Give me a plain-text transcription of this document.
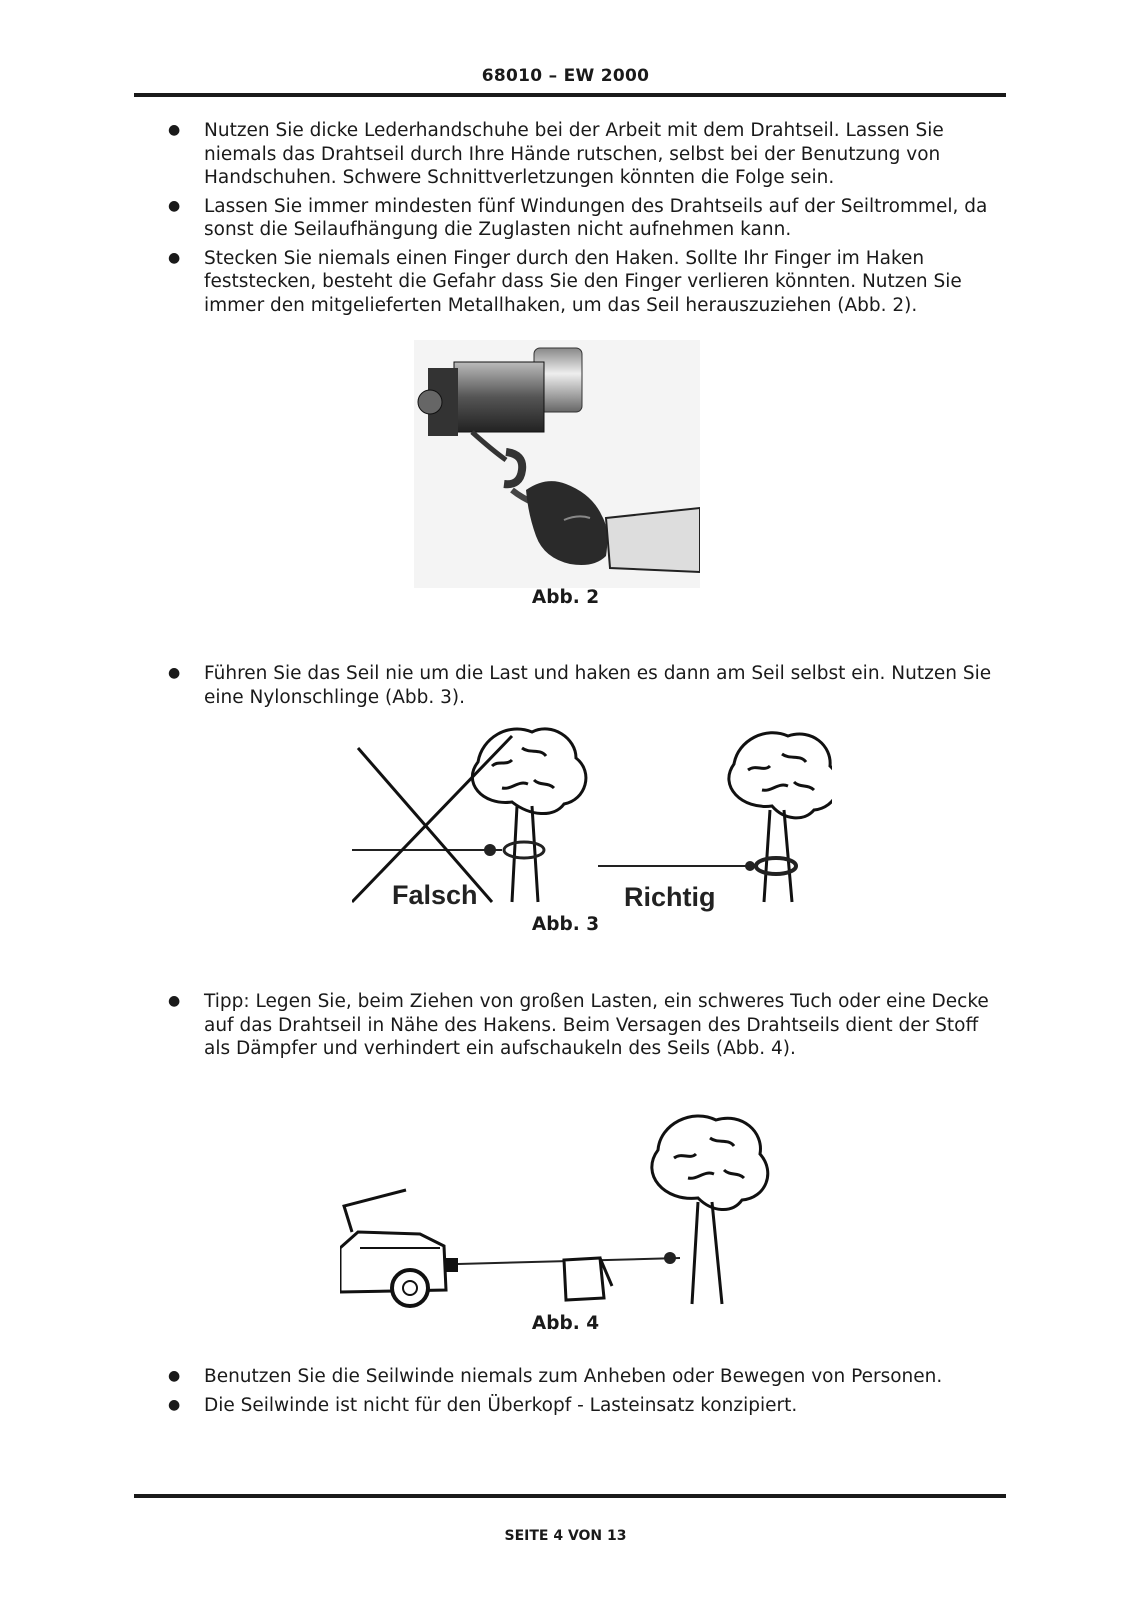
68010 – EW 2000
● Nutzen Sie dicke Lederhandschuhe bei der Arbeit mit dem Drahtseil. Lassen Sie niemals das Drahtseil durch Ihre Hände rutschen, selbst bei der Benutzung von Handschuhen. Schwere Schnittverletzungen könnten die Folge sein.
● Lassen Sie immer mindesten fünf Windungen des Drahtseils auf der Seiltrommel, da sonst die Seilaufhängung die Zuglasten nicht aufnehmen kann.
● Stecken Sie niemals einen Finger durch den Haken. Sollte Ihr Finger im Haken feststecken, besteht die Gefahr dass Sie den Finger verlieren könnten. Nutzen Sie immer den mitgelieferten Metallhaken, um das Seil herauszuziehen (Abb. 2).
Abb. 2
● Führen Sie das Seil nie um die Last und haken es dann am Seil selbst ein. Nutzen Sie eine Nylonschlinge (Abb. 3).
Falsch	Richtig
Abb. 3
● Tipp: Legen Sie, beim Ziehen von großen Lasten, ein schweres Tuch oder eine Decke auf das Drahtseil in Nähe des Hakens. Beim Versagen des Drahtseils dient der Stoff als Dämpfer und verhindert ein aufschaukeln des Seils (Abb. 4).
Abb. 4
● Benutzen Sie die Seilwinde niemals zum Anheben oder Bewegen von Personen.
● Die Seilwinde ist nicht für den Überkopf - Lasteinsatz konzipiert.
SEITE 4 VON 13
